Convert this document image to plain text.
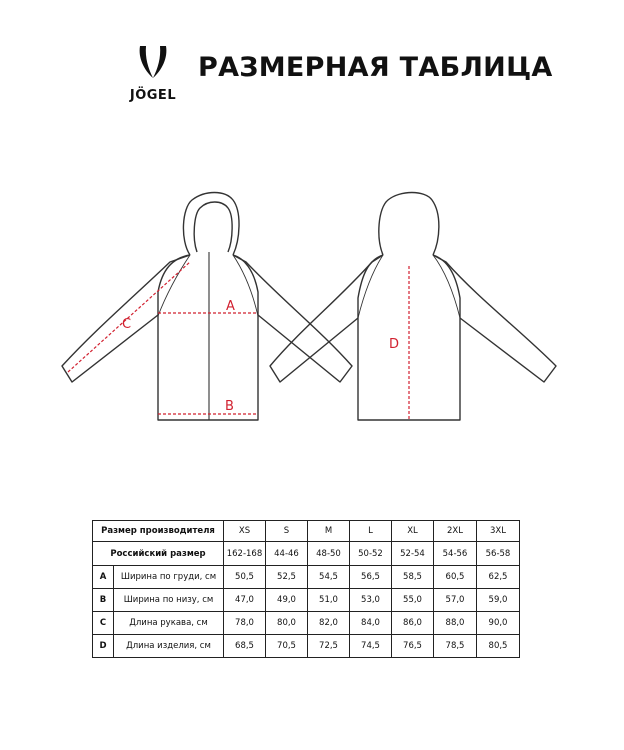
JÖGEL
РАЗМЕРНАЯ ТАБЛИЦА
A
B
C
D
Размер производителя		XS	S	M	L	XL	2XL	3XL
Российский размер		162-168	44-46	48-50	50-52	52-54	54-56	56-58
A	Ширина по груди, см	50,5	52,5	54,5	56,5	58,5	60,5	62,5
B	Ширина по низу, см	47,0	49,0	51,0	53,0	55,0	57,0	59,0
C	Длина рукава, см	78,0	80,0	82,0	84,0	86,0	88,0	90,0
D	Длина изделия, см	68,5	70,5	72,5	74,5	76,5	78,5	80,5
